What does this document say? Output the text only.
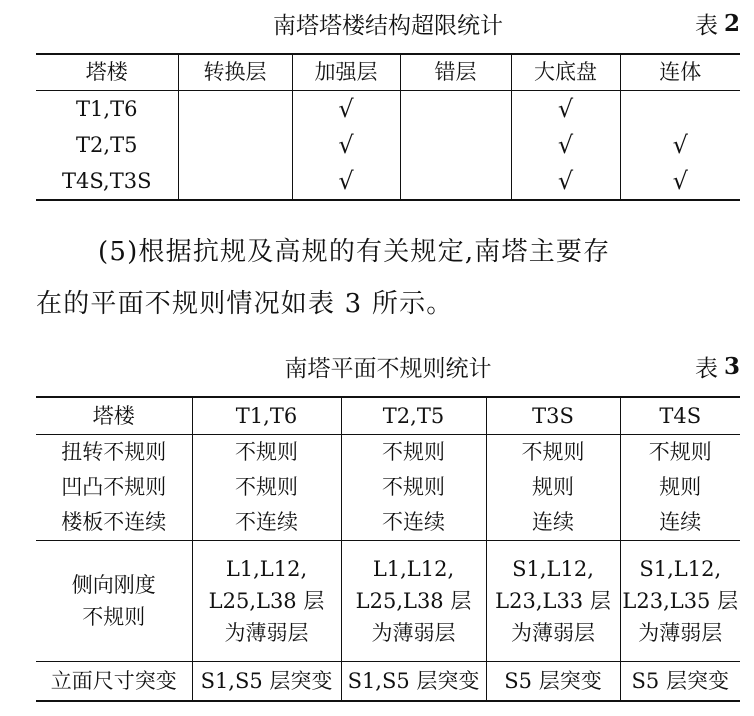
南塔塔楼结构超限统计	表 2
塔楼	转换层	加强层	错层	大底盘	连体
T1,T6		√		√	
T2,T5		√		√	√
T4S,T3S		√		√	√
(5)根据抗规及高规的有关规定,南塔主要存
在的平面不规则情况如表 3 所示。
南塔平面不规则统计	表 3
塔楼	T1,T6	T2,T5	T3S	T4S
扭转不规则	不规则	不规则	不规则	不规则
凹凸不规则	不规则	不规则	规则	规则
楼板不连续	不连续	不连续	连续	连续

侧向刚度
不规则	L1,L12,
L25,L38 层
为薄弱层	L1,L12,
L25,L38 层
为薄弱层	S1,L12,
L23,L33 层
为薄弱层	S1,L12,
L23,L35 层
为薄弱层

立面尺寸突变	S1,S5 层突变	S1,S5 层突变	S5 层突变	S5 层突变
